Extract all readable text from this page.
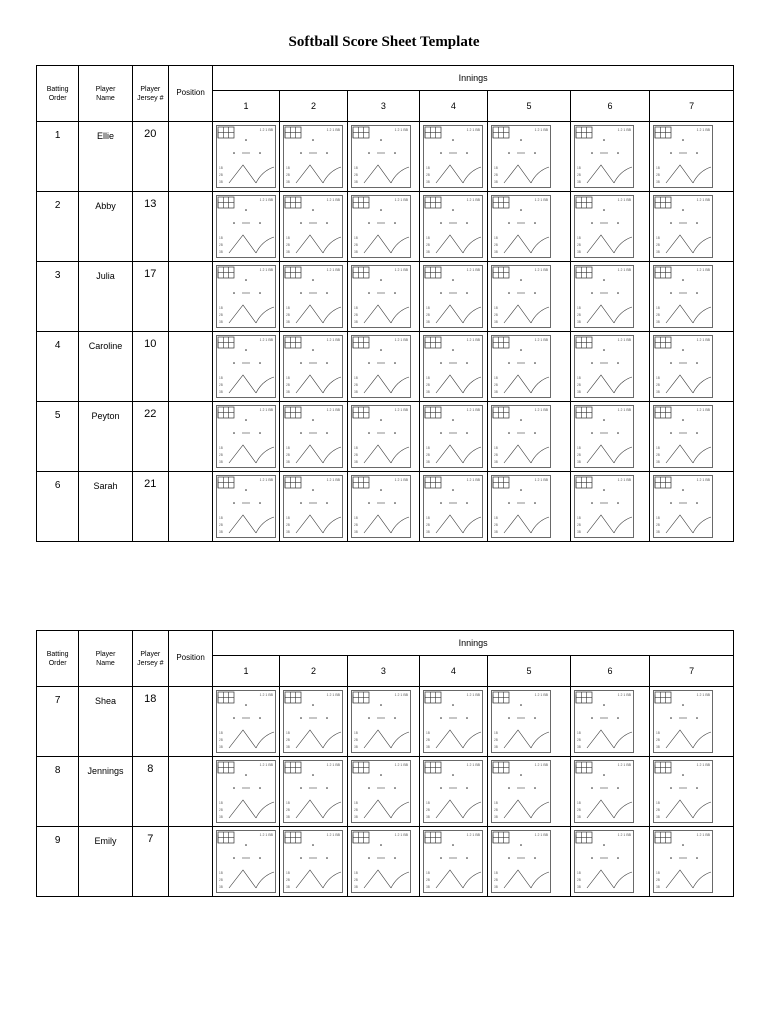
Softball Score Sheet Template
Batting Order	Player Name	Player Jersey #	Position	Innings						
				1	2	3	4	5	6	7
1	Ellie	20		1 2 1 BB
1B
2B
3B	1 2 1 BB
1B
2B
3B	1 2 1 BB
1B
2B
3B	1 2 1 BB
1B
2B
3B	1 2 1 BB
1B
2B
3B	1 2 1 BB
1B
2B
3B	1 2 1 BB
1B
2B
3B

2	Abby	13		1 2 1 BB
1B
2B
3B	1 2 1 BB
1B
2B
3B	1 2 1 BB
1B
2B
3B	1 2 1 BB
1B
2B
3B	1 2 1 BB
1B
2B
3B	1 2 1 BB
1B
2B
3B	1 2 1 BB
1B
2B
3B

3	Julia	17		1 2 1 BB
1B
2B
3B	1 2 1 BB
1B
2B
3B	1 2 1 BB
1B
2B
3B	1 2 1 BB
1B
2B
3B	1 2 1 BB
1B
2B
3B	1 2 1 BB
1B
2B
3B	1 2 1 BB
1B
2B
3B

4	Caroline	10		1 2 1 BB
1B
2B
3B	1 2 1 BB
1B
2B
3B	1 2 1 BB
1B
2B
3B	1 2 1 BB
1B
2B
3B	1 2 1 BB
1B
2B
3B	1 2 1 BB
1B
2B
3B	1 2 1 BB
1B
2B
3B

5	Peyton	22		1 2 1 BB
1B
2B
3B	1 2 1 BB
1B
2B
3B	1 2 1 BB
1B
2B
3B	1 2 1 BB
1B
2B
3B	1 2 1 BB
1B
2B
3B	1 2 1 BB
1B
2B
3B	1 2 1 BB
1B
2B
3B

6	Sarah	21		1 2 1 BB
1B
2B
3B	1 2 1 BB
1B
2B
3B	1 2 1 BB
1B
2B
3B	1 2 1 BB
1B
2B
3B	1 2 1 BB
1B
2B
3B	1 2 1 BB
1B
2B
3B	1 2 1 BB
1B
2B
3B
Batting Order	Player Name	Player Jersey #	Position	Innings						
				1	2	3	4	5	6	7
7	Shea	18		1 2 1 BB
1B
2B
3B	1 2 1 BB
1B
2B
3B	1 2 1 BB
1B
2B
3B	1 2 1 BB
1B
2B
3B	1 2 1 BB
1B
2B
3B	1 2 1 BB
1B
2B
3B	1 2 1 BB
1B
2B
3B

8	Jennings	8		1 2 1 BB
1B
2B
3B	1 2 1 BB
1B
2B
3B	1 2 1 BB
1B
2B
3B	1 2 1 BB
1B
2B
3B	1 2 1 BB
1B
2B
3B	1 2 1 BB
1B
2B
3B	1 2 1 BB
1B
2B
3B

9	Emily	7		1 2 1 BB
1B
2B
3B	1 2 1 BB
1B
2B
3B	1 2 1 BB
1B
2B
3B	1 2 1 BB
1B
2B
3B	1 2 1 BB
1B
2B
3B	1 2 1 BB
1B
2B
3B	1 2 1 BB
1B
2B
3B
